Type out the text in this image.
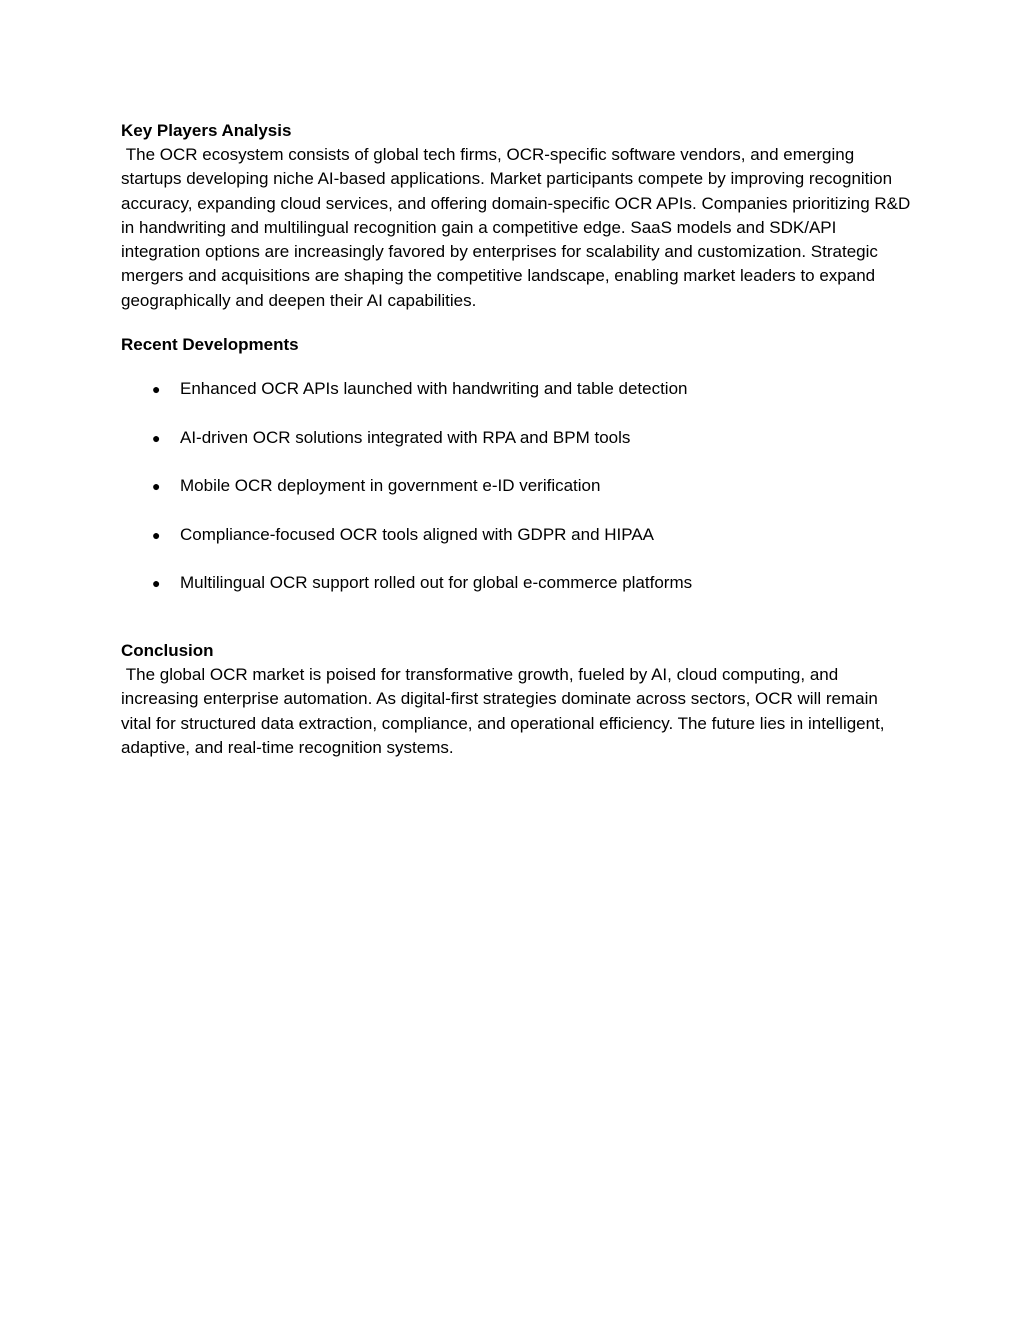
Key Players Analysis

The OCR ecosystem consists of global tech firms, OCR-specific software vendors, and emerging startups developing niche AI-based applications. Market participants compete by improving recognition accuracy, expanding cloud services, and offering domain-specific OCR APIs. Companies prioritizing R&D in handwriting and multilingual recognition gain a competitive edge. SaaS models and SDK/API integration options are increasingly favored by enterprises for scalability and customization. Strategic mergers and acquisitions are shaping the competitive landscape, enabling market leaders to expand geographically and deepen their AI capabilities.

Recent Developments

● Enhanced OCR APIs launched with handwriting and table detection
● AI-driven OCR solutions integrated with RPA and BPM tools
● Mobile OCR deployment in government e-ID verification
● Compliance-focused OCR tools aligned with GDPR and HIPAA
● Multilingual OCR support rolled out for global e-commerce platforms

Conclusion

The global OCR market is poised for transformative growth, fueled by AI, cloud computing, and increasing enterprise automation. As digital-first strategies dominate across sectors, OCR will remain vital for structured data extraction, compliance, and operational efficiency. The future lies in intelligent, adaptive, and real-time recognition systems.
